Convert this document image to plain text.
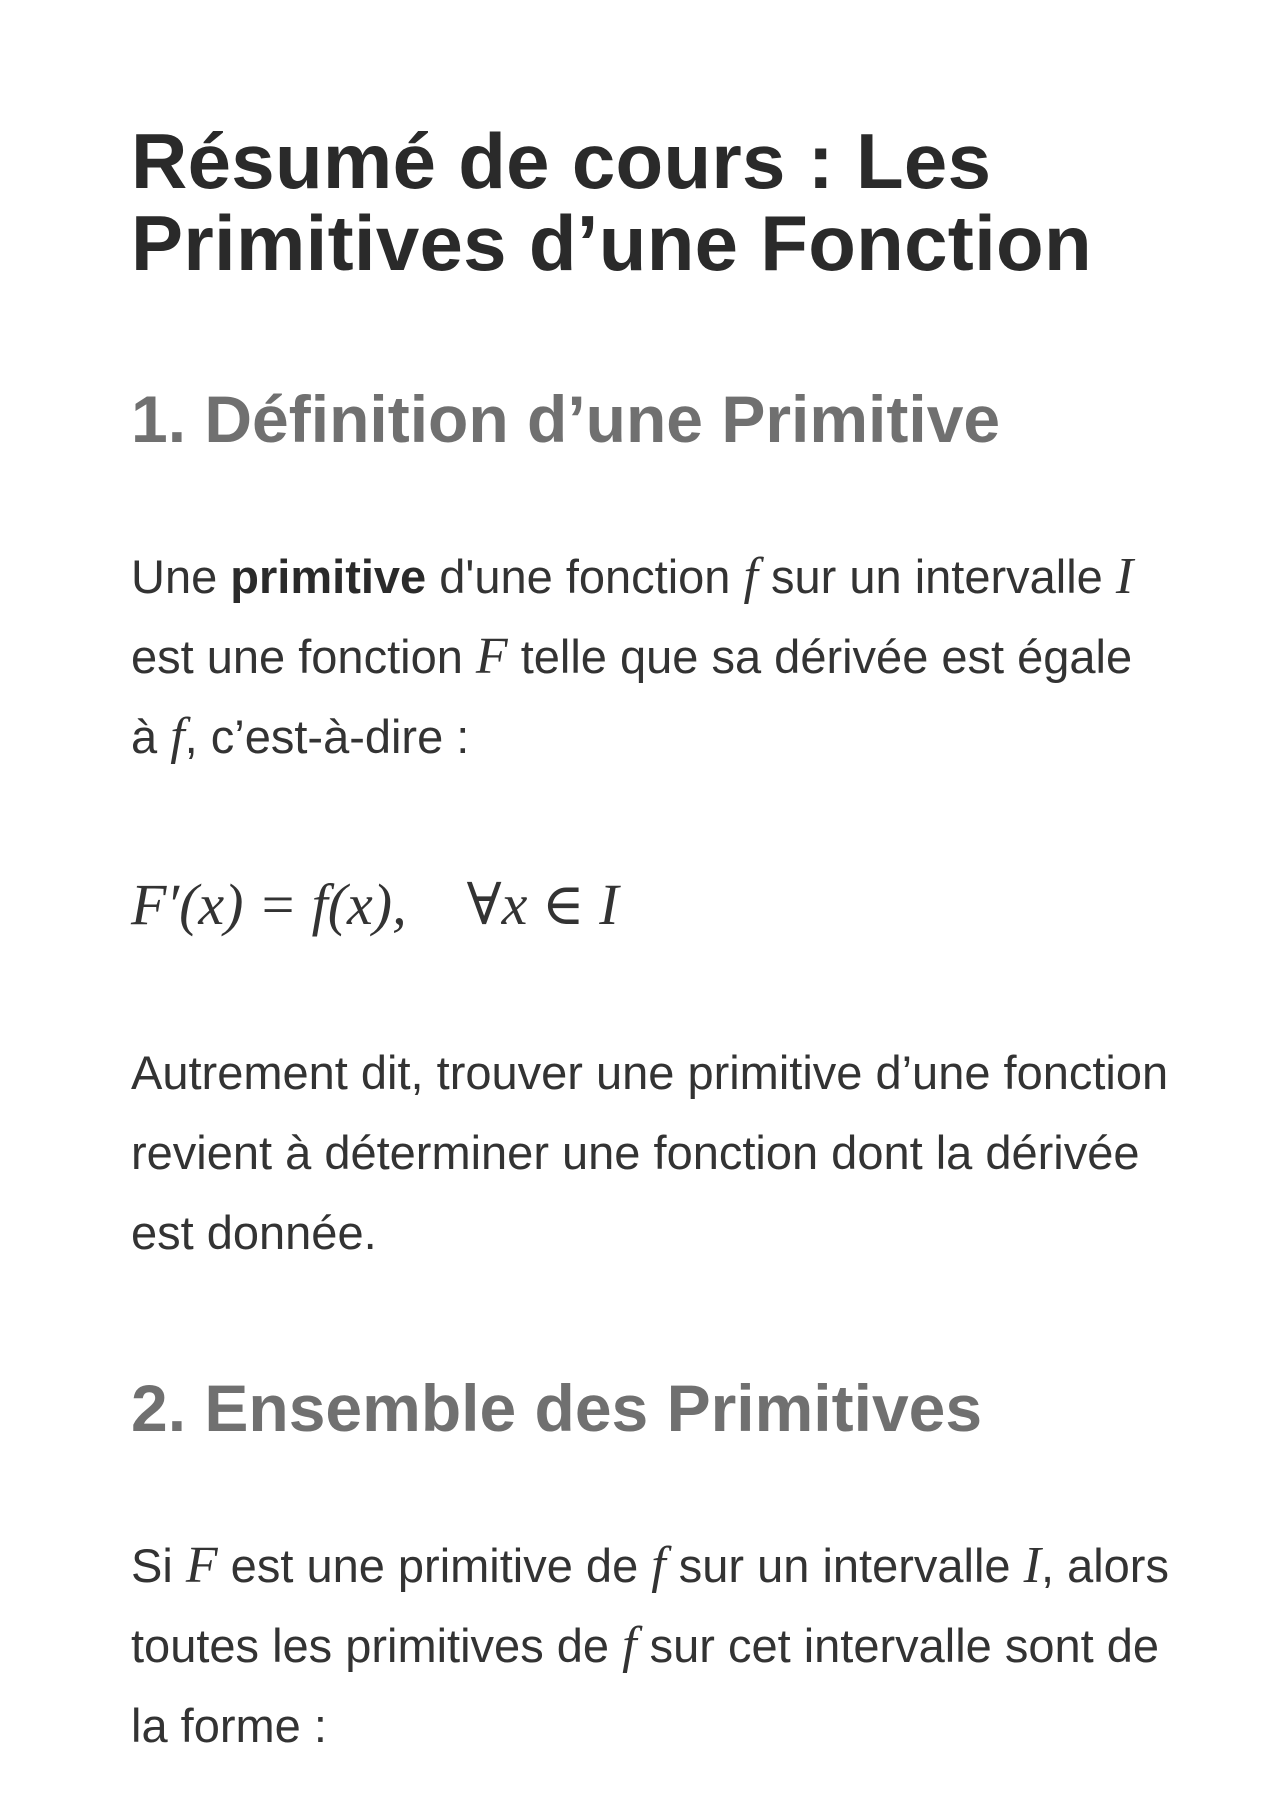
Résumé de cours : Les
Primitives d’une Fonction
1. Définition d’une Primitive

Une primitive d'une fonction f sur un intervalle I est une fonction F telle que sa dérivée est égale à f, c’est-à-dire :

F′(x) = f(x), ∀x ∈ I

Autrement dit, trouver une primitive d’une fonction revient à déterminer une fonction dont la dérivée est donnée.

2. Ensemble des Primitives

Si F est une primitive de f sur un intervalle I, alors toutes les primitives de f sur cet intervalle sont de la forme :
